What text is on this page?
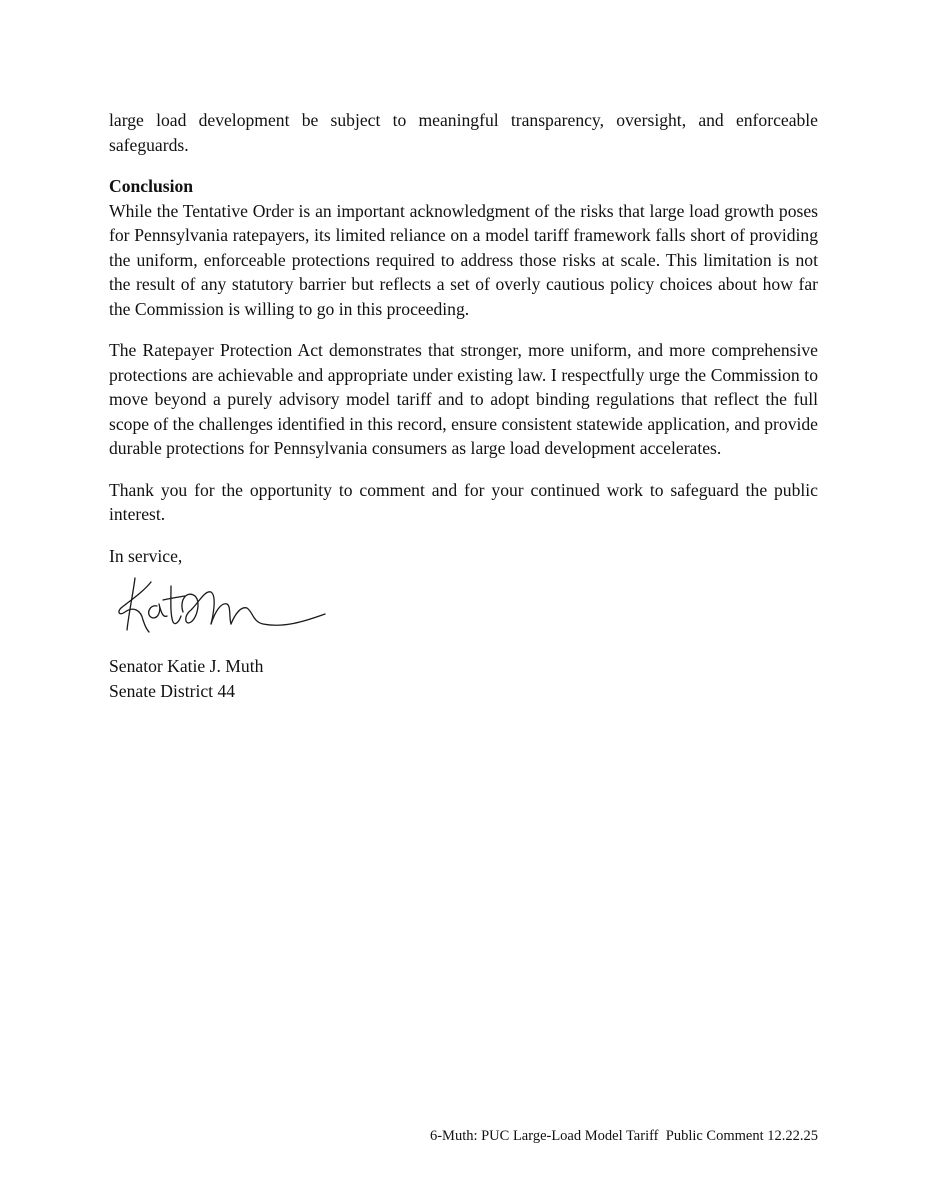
large load development be subject to meaningful transparency, oversight, and enforceable safeguards.

Conclusion

While the Tentative Order is an important acknowledgment of the risks that large load growth poses for Pennsylvania ratepayers, its limited reliance on a model tariff framework falls short of providing the uniform, enforceable protections required to address those risks at scale. This limitation is not the result of any statutory barrier but reflects a set of overly cautious policy choices about how far the Commission is willing to go in this proceeding.

The Ratepayer Protection Act demonstrates that stronger, more uniform, and more comprehensive protections are achievable and appropriate under existing law. I respectfully urge the Commission to move beyond a purely advisory model tariff and to adopt binding regulations that reflect the full scope of the challenges identified in this record, ensure consistent statewide application, and provide durable protections for Pennsylvania consumers as large load development accelerates.

Thank you for the opportunity to comment and for your continued work to safeguard the public interest.

In service,

Senator Katie J. Muth
Senate District 44
6-Muth: PUC Large-Load Model Tariff  Public Comment 12.22.25
